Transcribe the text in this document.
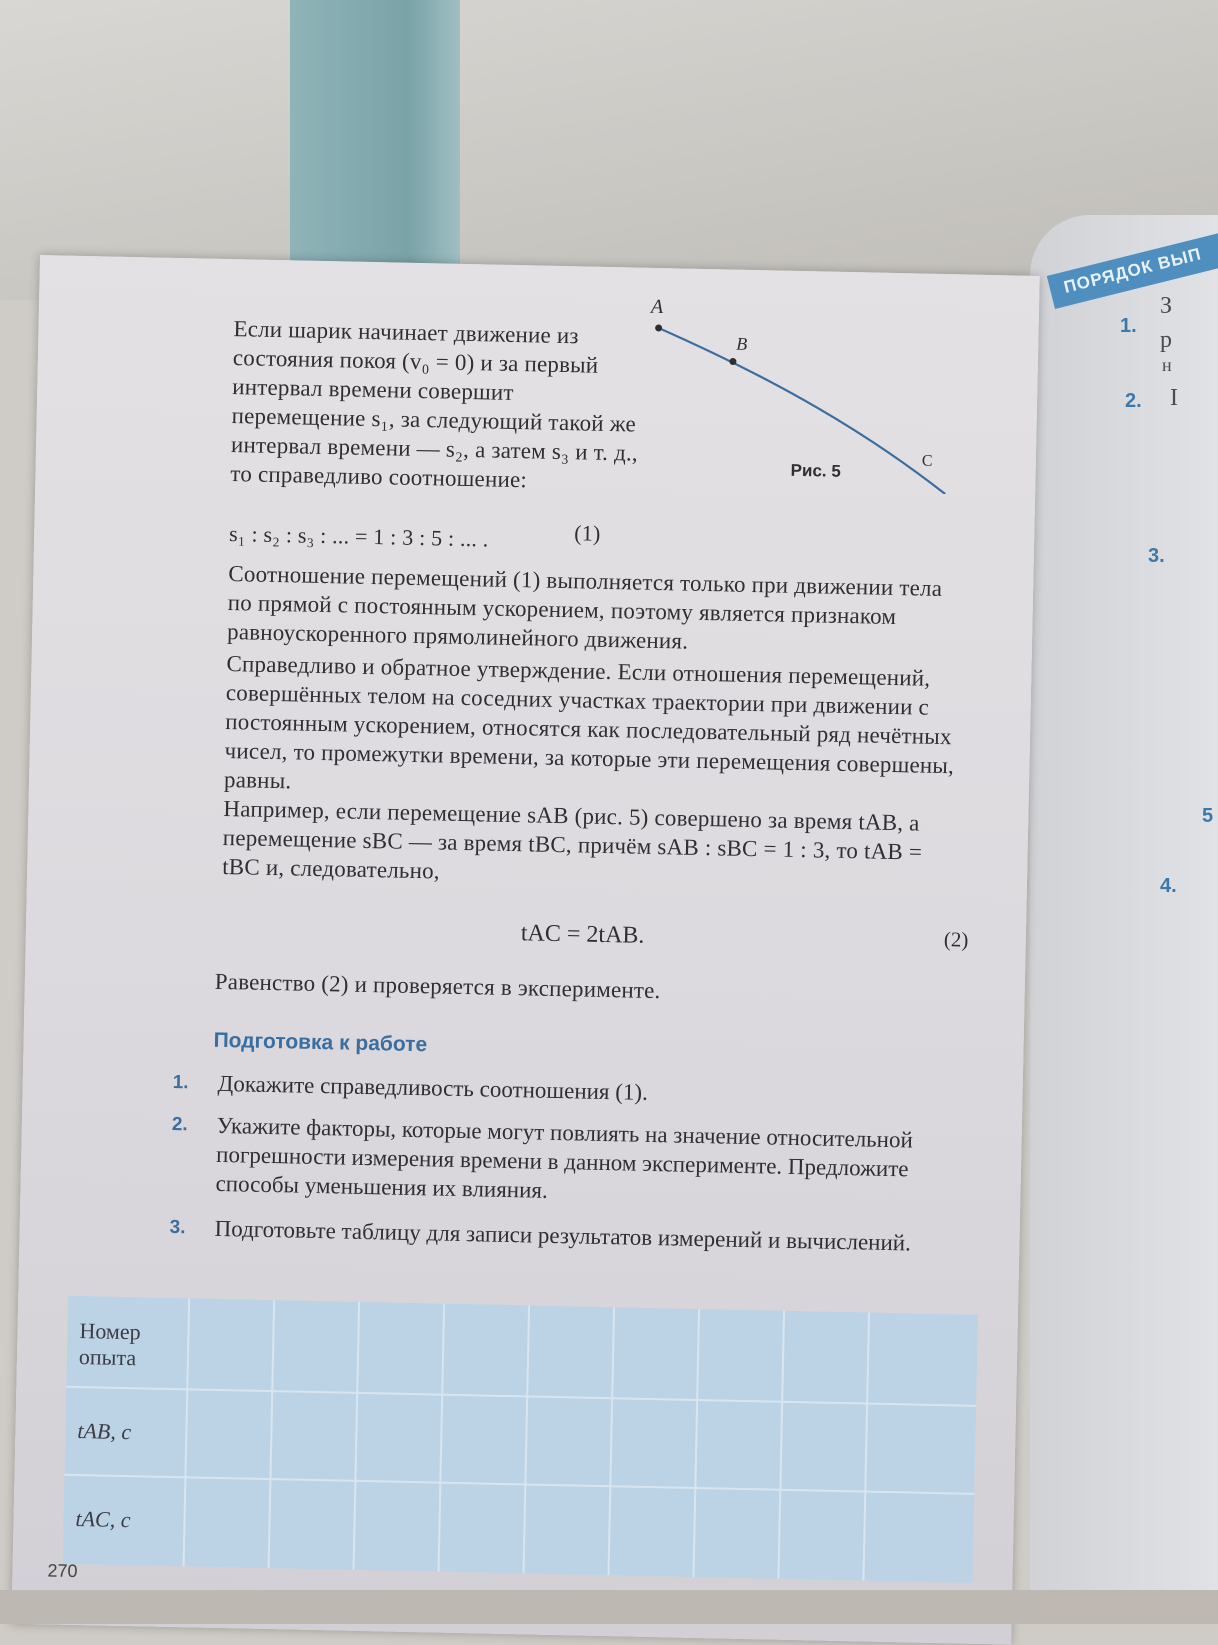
ПОРЯДОК ВЫП
1.
З
р
н
2. I
3.
4.
5
Если шарик начинает движение из состояния покоя (v₀ = 0) и за первый интервал времени совершит перемещение s₁, за следующий такой же интервал времени — s₂, а затем s₃ и т. д., то справедливо соотношение:
A
B
C
Рис. 5
s₁ : s₂ : s₃ : ... = 1 : 3 : 5 : ... .	(1)
Соотношение перемещений (1) выполняется только при движении тела по прямой с постоянным ускорением, поэтому является признаком равноускоренного прямолинейного движения.
Справедливо и обратное утверждение. Если отношения перемещений, совершённых телом на соседних участках траектории при движении с постоянным ускорением, относятся как последовательный ряд нечётных чисел, то промежутки времени, за которые эти перемещения совершены, равны.
Например, если перемещение sAB (рис. 5) совершено за время tAB, а перемещение sBC — за время tBC, причём sAB : sBC = 1 : 3, то tAB = tBC и, следовательно,
tAC = 2tAB.	(2)
Равенство (2) и проверяется в эксперименте.
Подготовка к работе
1. Докажите справедливость соотношения (1).
2. Укажите факторы, которые могут повлиять на значение относительной погрешности измерения времени в данном эксперименте. Предложите способы уменьшения их влияния.
3. Подготовьте таблицу для записи результатов измерений и вычислений.
Номер опыта
tAB, с
tAC, с
270
